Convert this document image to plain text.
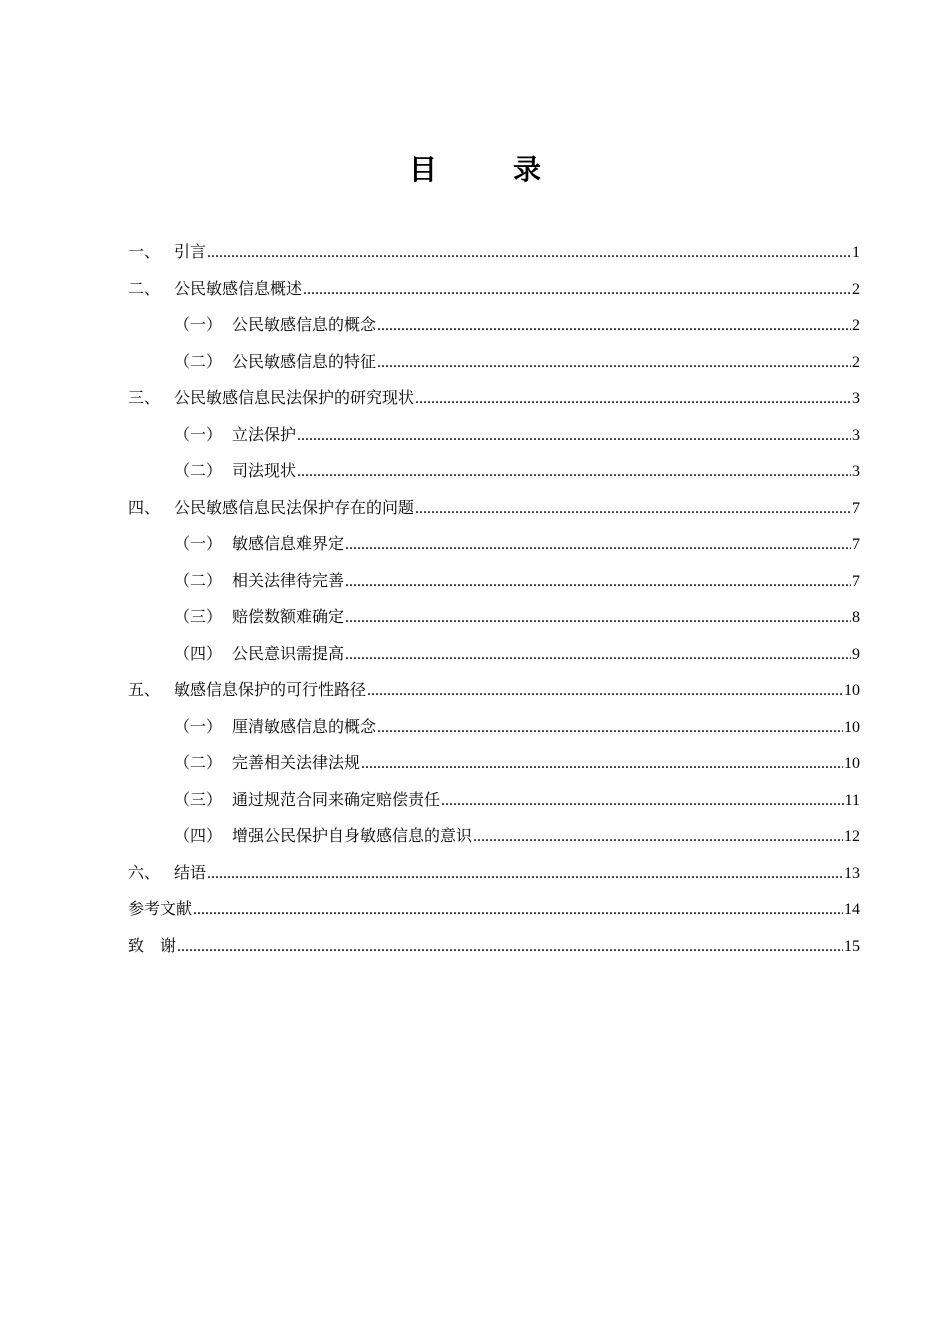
目　录
一、 引言 .....	1
二、 公民敏感信息概述 .....	2
（一） 公民敏感信息的概念 .....	2
（二） 公民敏感信息的特征 .....	2
三、 公民敏感信息民法保护的研究现状 .....	3
（一） 立法保护 .....	3
（二） 司法现状 .....	3
四、 公民敏感信息民法保护存在的问题 .....	7
（一） 敏感信息难界定 .....	7
（二） 相关法律待完善 .....	7
（三） 赔偿数额难确定 .....	8
（四） 公民意识需提高 .....	9
五、 敏感信息保护的可行性路径 .....	10
（一） 厘清敏感信息的概念 .....	10
（二） 完善相关法律法规 .....	10
（三） 通过规范合同来确定赔偿责任 .....	11
（四） 增强公民保护自身敏感信息的意识 .....	12
六、 结语 .....	13
参考文献 .....	14
致　谢 .....	15
